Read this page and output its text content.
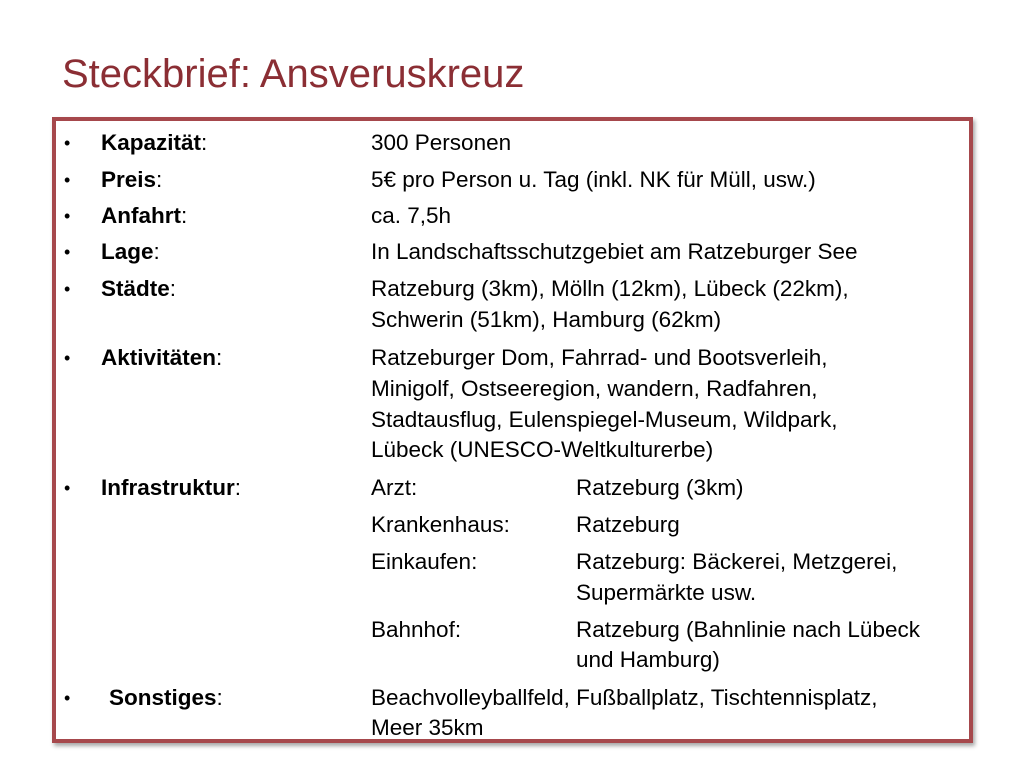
Steckbrief: Ansveruskreuz
• Kapazität:	300 Personen
• Preis:	5€ pro Person u. Tag (inkl. NK für Müll, usw.)
• Anfahrt:	ca. 7,5h
• Lage:	In Landschaftsschutzgebiet am Ratzeburger See
• Städte:	Ratzeburg (3km), Mölln (12km), Lübeck (22km),
Schwerin (51km), Hamburg (62km)
• Aktivitäten:	Ratzeburger Dom, Fahrrad- und Bootsverleih,
Minigolf, Ostseeregion, wandern, Radfahren,
Stadtausflug, Eulenspiegel-Museum, Wildpark,
Lübeck (UNESCO-Weltkulturerbe)
• Infrastruktur:	Arzt:	Ratzeburg (3km)
Krankenhaus:	Ratzeburg
Einkaufen:	Ratzeburg: Bäckerei, Metzgerei,
Supermärkte usw.
Bahnhof:	Ratzeburg (Bahnlinie nach Lübeck
und Hamburg)
• Sonstiges:	Beachvolleyballfeld, Fußballplatz, Tischtennisplatz,
Meer 35km
